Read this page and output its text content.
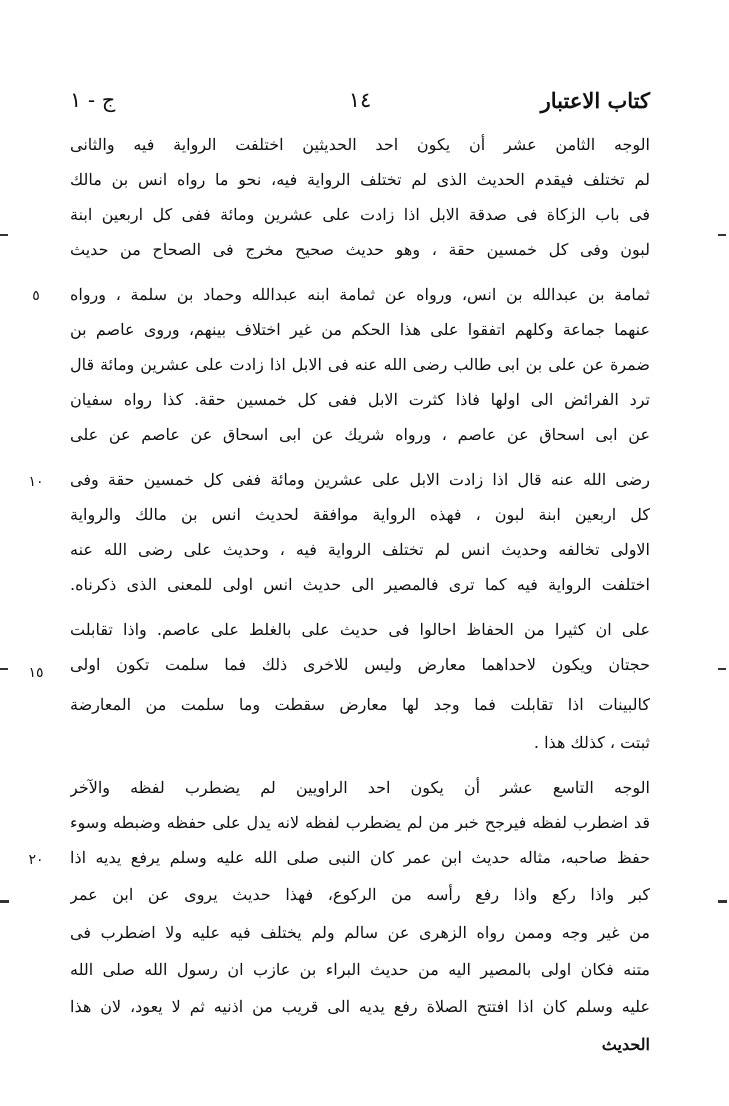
كتاب الاعتبار
١٤
ج - ١
الوجه الثامن عشر أن يكون احد الحديثين اختلفت الرواية فيه والثانى
لم تختلف فيقدم الحديث الذى لم تختلف الرواية فيه، نحو ما رواه انس بن مالك
فى باب الزكاة فى صدقة الابل اذا زادت على عشرين ومائة ففى كل اربعين ابنة
لبون وفى كل خمسين حقة ، وهو حديث صحيح مخرج فى الصحاح من حديث
ثمامة بن عبدالله بن انس، ورواه عن ثمامة ابنه عبدالله وحماد بن سلمة ، ورواه
عنهما جماعة وكلهم اتفقوا على هذا الحكم من غير اختلاف بينهم، وروى عاصم بن
ضمرة عن على بن ابى طالب رضى الله عنه فى الابل اذا زادت على عشرين ومائة قال
ترد الفرائض الى اولها فاذا كثرت الابل ففى كل خمسين حقة. كذا رواه سفيان
عن ابى اسحاق عن عاصم ، ورواه شريك عن ابى اسحاق عن عاصم عن على
رضى الله عنه قال اذا زادت الابل على عشرين ومائة ففى كل خمسين حقة وفى
كل اربعين ابنة لبون ، فهذه الرواية موافقة لحديث انس بن مالك والرواية
الاولى تخالفه وحديث انس لم تختلف الرواية فيه ، وحديث على رضى الله عنه
اختلفت الرواية فيه كما ترى فالمصير الى حديث انس اولى للمعنى الذى ذكرناه.
على ان كثيرا من الحفاظ احالوا فى حديث على بالغلط على عاصم. واذا تقابلت
حجتان ويكون لاحداهما معارض وليس للاخرى ذلك فما سلمت تكون اولى
كالبينات اذا تقابلت فما وجد لها معارض سقطت وما سلمت من المعارضة
ثبتت ، كذلك هذا .
الوجه التاسع عشر أن يكون احد الراويين لم يضطرب لفظه والآخر
قد اضطرب لفظه فيرجح خبر من لم يضطرب لفظه لانه يدل على حفظه وضبطه وسوء
حفظ صاحبه، مثاله حديث ابن عمر كان النبى صلى الله عليه وسلم يرفع يديه اذا
كبر واذا ركع واذا رفع رأسه من الركوع، فهذا حديث يروى عن ابن عمر
من غير وجه وممن رواه الزهرى عن سالم ولم يختلف فيه عليه ولا اضطرب فى
متنه فكان اولى بالمصير اليه من حديث البراء بن عازب ان رسول الله صلى الله
عليه وسلم كان اذا افتتح الصلاة رفع يديه الى قريب من اذنيه ثم لا يعود، لان هذا
الحديث
٥
١٠
١٥
٢٠
